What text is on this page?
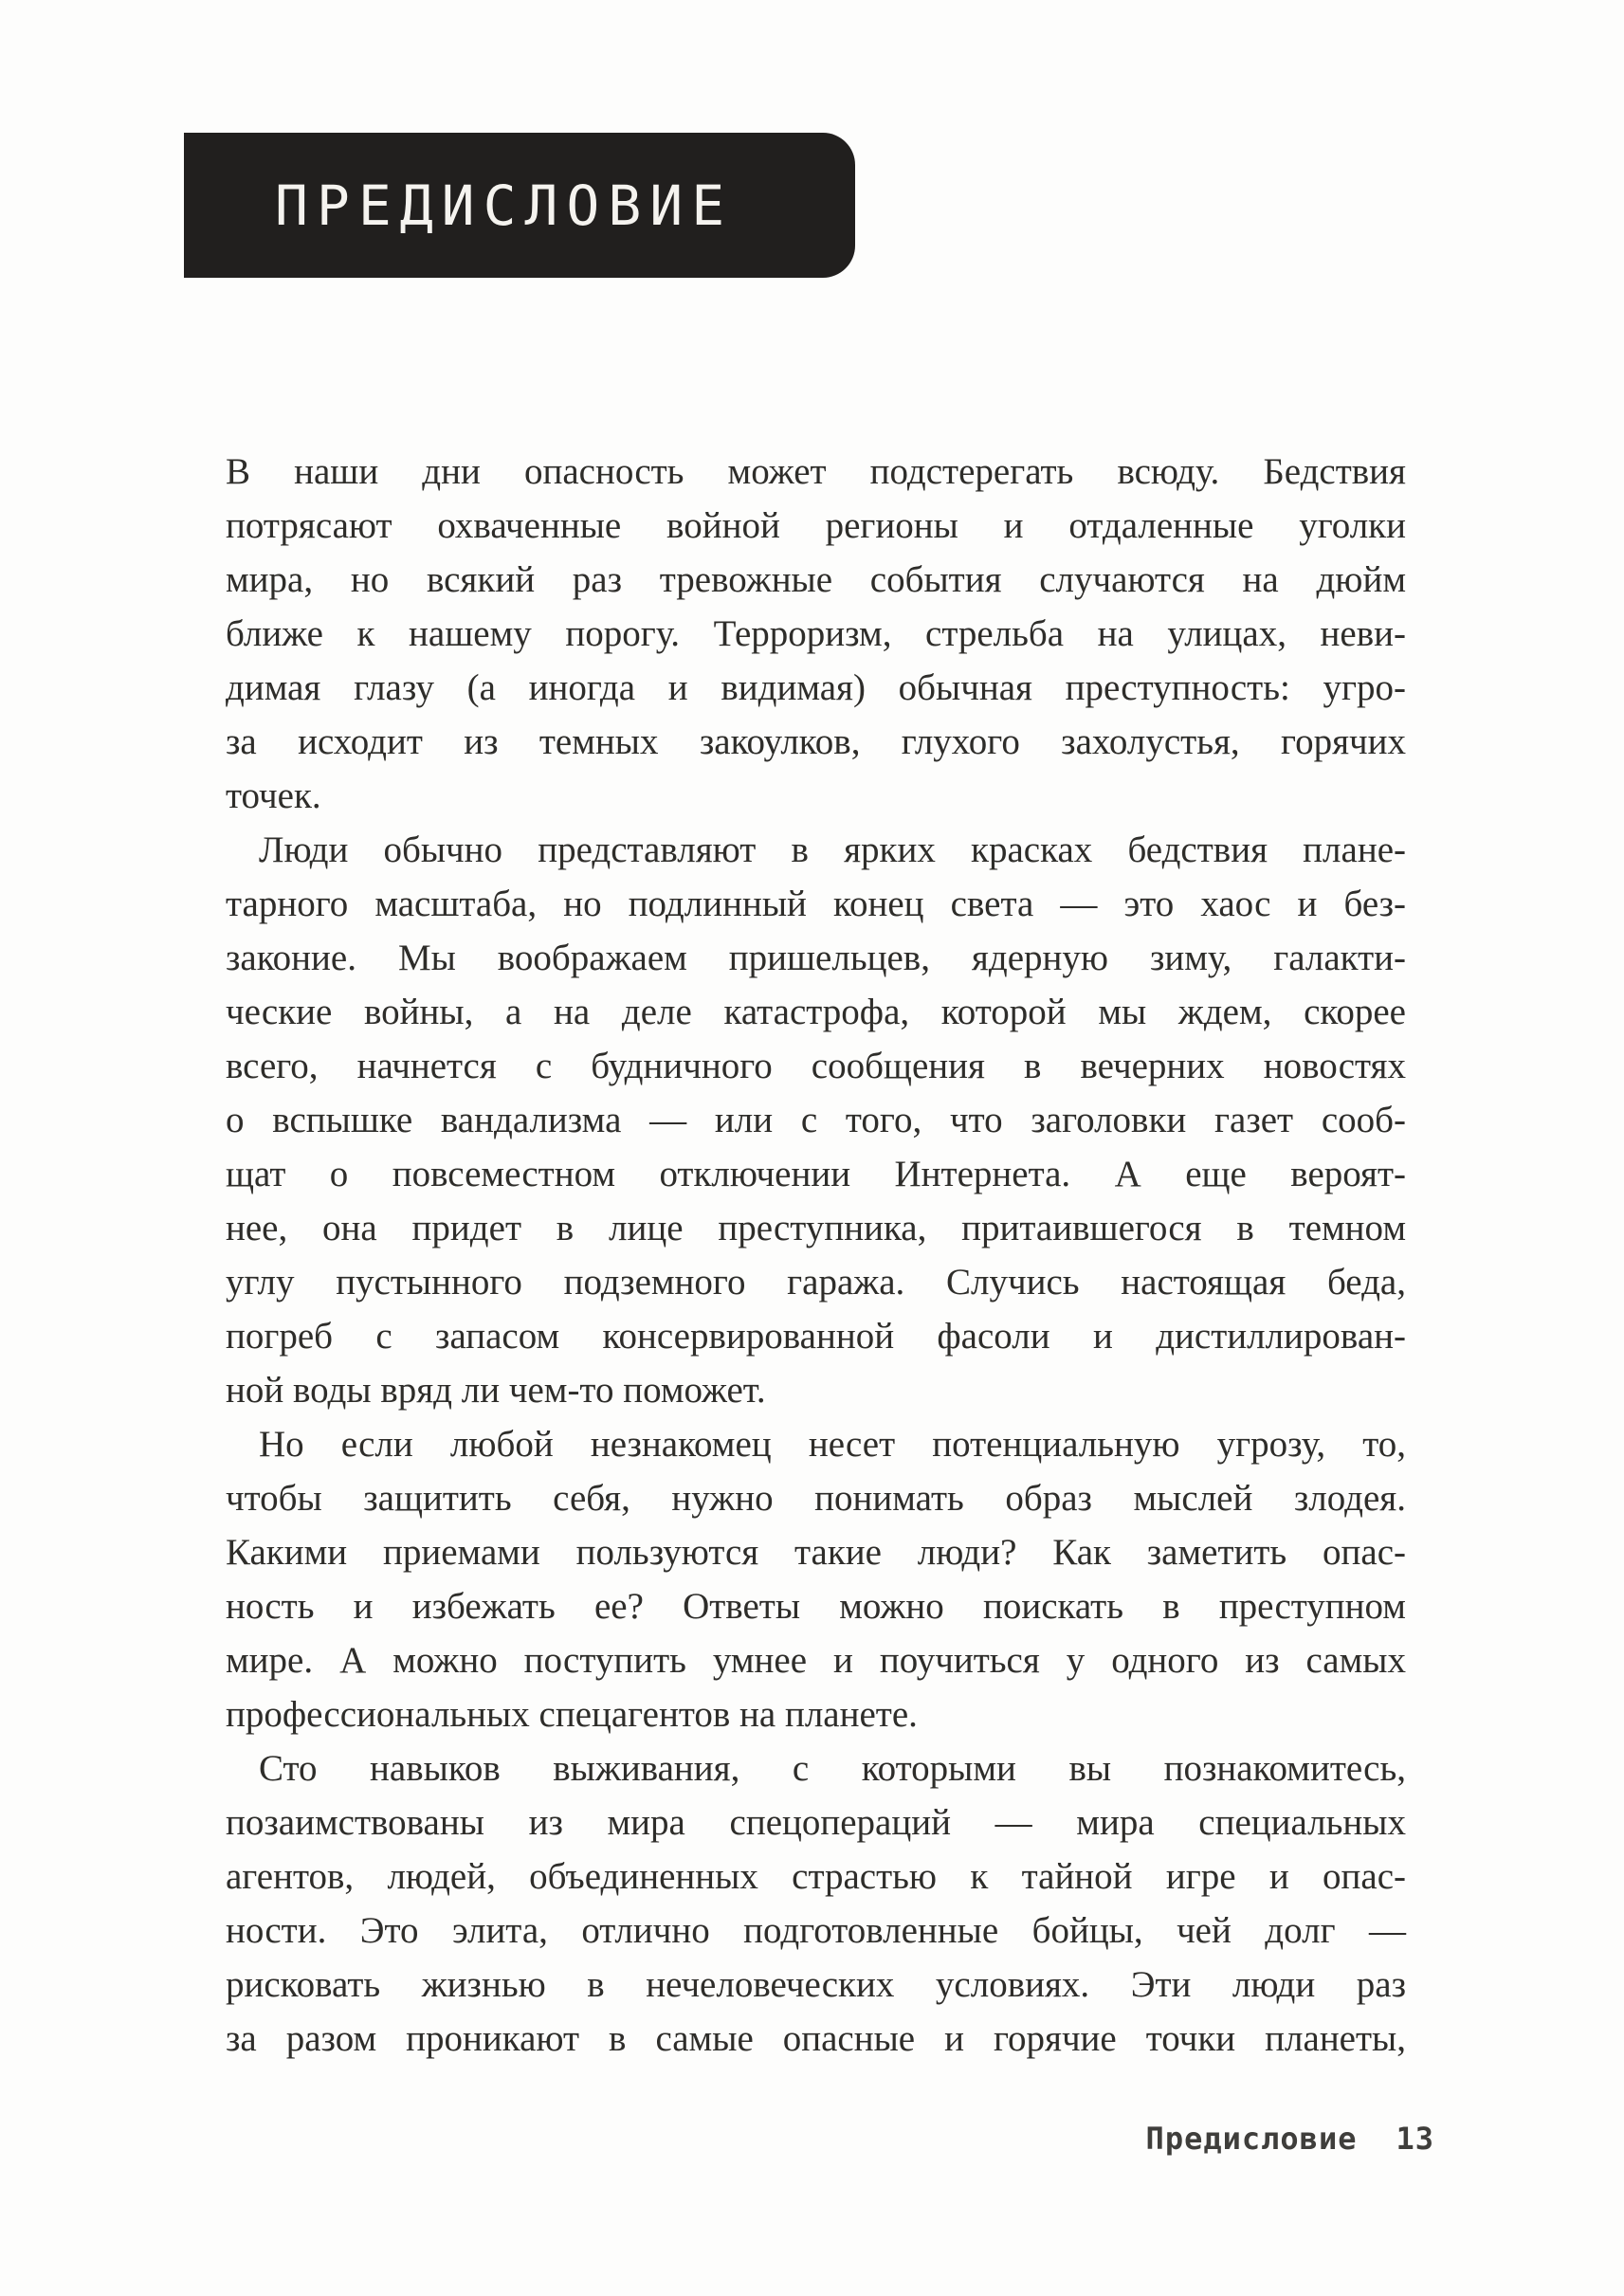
ПРЕДИСЛОВИЕ
В наши дни опасность может подстерегать всюду. Бедствия
потрясают охваченные войной регионы и отдаленные уголки
мира, но всякий раз тревожные события случаются на дюйм
ближе к нашему порогу. Терроризм, стрельба на улицах, неви-
димая глазу (а иногда и видимая) обычная преступность: угро-
за исходит из темных закоулков, глухого захолустья, горячих
точек.
Люди обычно представляют в ярких красках бедствия плане-
тарного масштаба, но подлинный конец света — это хаос и без-
законие. Мы воображаем пришельцев, ядерную зиму, галакти-
ческие войны, а на деле катастрофа, которой мы ждем, скорее
всего, начнется с будничного сообщения в вечерних новостях
о вспышке вандализма — или с того, что заголовки газет сооб-
щат о повсеместном отключении Интернета. А еще вероят-
нее, она придет в лице преступника, притаившегося в темном
углу пустынного подземного гаража. Случись настоящая беда,
погреб с запасом консервированной фасоли и дистиллирован-
ной воды вряд ли чем-то поможет.
Но если любой незнакомец несет потенциальную угрозу, то,
чтобы защитить себя, нужно понимать образ мыслей злодея.
Какими приемами пользуются такие люди? Как заметить опас-
ность и избежать ее? Ответы можно поискать в преступном
мире. А можно поступить умнее и поучиться у одного из самых
профессиональных спецагентов на планете.
Сто навыков выживания, с которыми вы познакомитесь,
позаимствованы из мира спецопераций — мира специальных
агентов, людей, объединенных страстью к тайной игре и опас-
ности. Это элита, отлично подготовленные бойцы, чей долг —
рисковать жизнью в нечеловеческих условиях. Эти люди раз
за разом проникают в самые опасные и горячие точки планеты,
Предисловие 13
